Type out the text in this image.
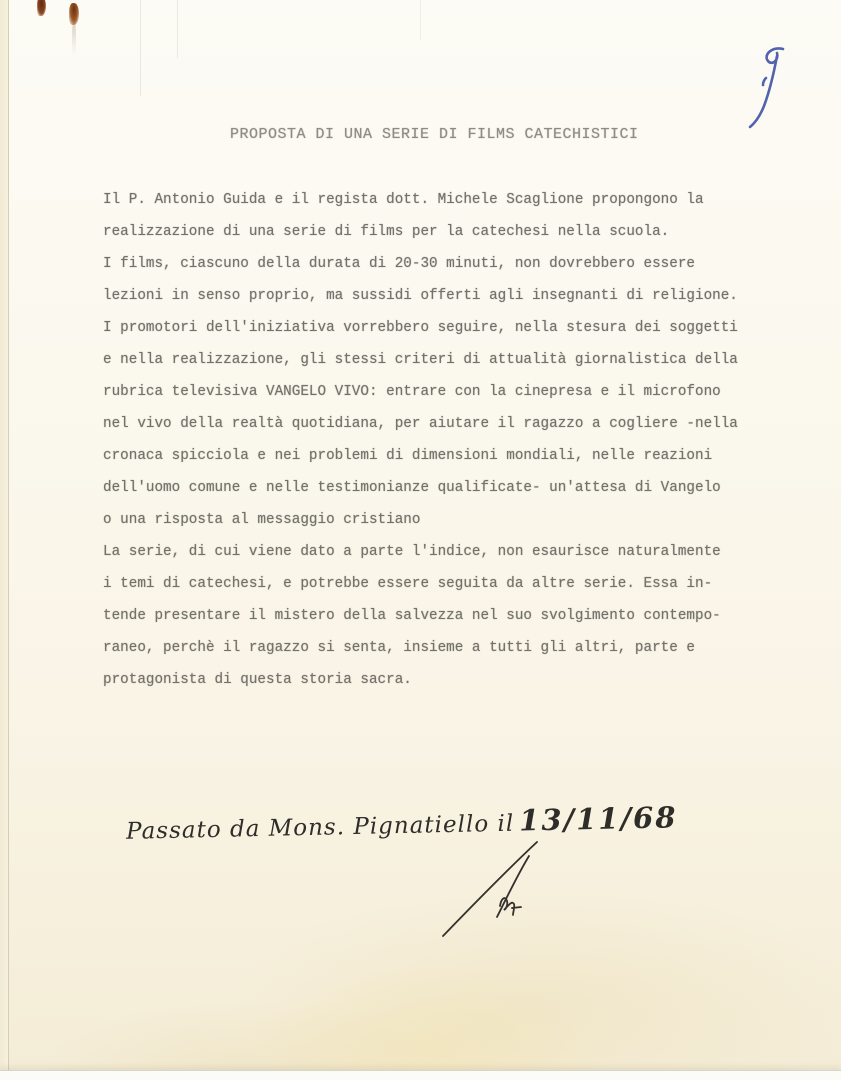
PROPOSTA DI UNA SERIE DI FILMS CATECHISTICI
Il P. Antonio Guida e il regista dott. Michele Scaglione propongono la
realizzazione di una serie di films per la catechesi nella scuola.
I films, ciascuno della durata di 20-30 minuti, non dovrebbero essere
lezioni in senso proprio, ma sussidi offerti agli insegnanti di religione.
I promotori dell'iniziativa vorrebbero seguire, nella stesura dei soggetti
e nella realizzazione, gli stessi criteri di attualità giornalistica della
rubrica televisiva VANGELO VIVO: entrare con la cinepresa e il microfono
nel vivo della realtà quotidiana, per aiutare il ragazzo a cogliere -nella
cronaca spicciola e nei problemi di dimensioni mondiali, nelle reazioni
dell'uomo comune e nelle testimonianze qualificate- un'attesa di Vangelo
o una risposta al messaggio cristiano
La serie, di cui viene dato a parte l'indice, non esaurisce naturalmente
i temi di catechesi, e potrebbe essere seguita da altre serie. Essa in-
tende presentare il mistero della salvezza nel suo svolgimento contempo-
raneo, perchè il ragazzo si senta, insieme a tutti gli altri, parte e
protagonista di questa storia sacra.
Passato da Mons. Pignatiello il 13/11/68
